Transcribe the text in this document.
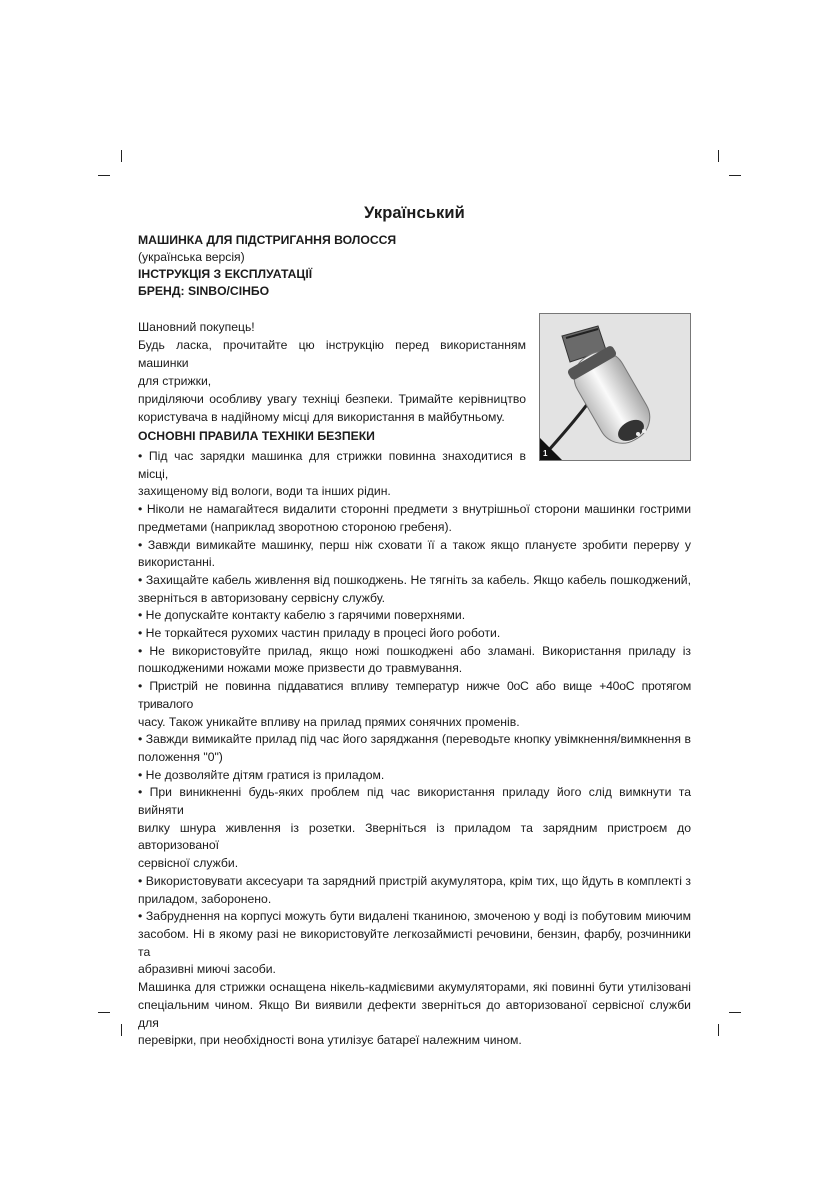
Український
МАШИНКА ДЛЯ ПІДСТРИГАННЯ ВОЛОССЯ
(українська версія)
ІНСТРУКЦІЯ З ЕКСПЛУАТАЦІЇ
БРЕНД: SINBO/СІНБО
Шановний покупець!
Будь ласка, прочитайте цю інструкцію перед використанням машинки
для стрижки,
приділяючи особливу увагу техніці безпеки. Тримайте керівництво
користувача в надійному місці для використання в майбутньому.
1
ОСНОВНІ ПРАВИЛА ТЕХНІКИ БЕЗПЕКИ
• Під час зарядки машинка для стрижки повинна знаходитися в місці,
захищеному від вологи, води та інших рідин.
• Ніколи не намагайтеся видалити сторонні предмети з внутрішньої сторони машинки гострими
предметами (наприклад зворотною стороною гребеня).
• Завжди вимикайте машинку, перш ніж сховати її а також якщо плануєте зробити перерву у
використанні.
• Захищайте кабель живлення від пошкоджень. Не тягніть за кабель. Якщо кабель пошкоджений,
зверніться в авторизовану сервісну службу.
• Не допускайте контакту кабелю з гарячими поверхнями.
• Не торкайтеся рухомих частин приладу в процесі його роботи.
• Не використовуйте прилад, якщо ножі пошкоджені або зламані. Використання приладу із
пошкодженими ножами може призвести до травмування.
• Пристрій не повинна піддаватися впливу температур нижче 0оС або вище +40оС протягом тривалого
часу. Також уникайте впливу на прилад прямих сонячних променів.
• Завжди вимикайте прилад під час його заряджання (переводьте кнопку увімкнення/вимкнення в
положення "0")
• Не дозволяйте дітям гратися із приладом.
• При виникненні будь-яких проблем під час використання приладу його слід вимкнути та вийняти
вилку шнура живлення із розетки. Зверніться із приладом та зарядним пристроєм до авторизованої
сервісної служби.
• Використовувати аксесуари та зарядний пристрій акумулятора, крім тих, що йдуть в комплекті з
приладом, заборонено.
• Забруднення на корпусі можуть бути видалені тканиною, змоченою у воді із побутовим миючим
засобом. Ні в якому разі не використовуйте легкозаймисті речовини, бензин, фарбу, розчинники та
абразивні миючі засоби.
Машинка для стрижки оснащена нікель-кадмієвими акумуляторами, які повинні бути утилізовані
спеціальним чином. Якщо Ви виявили дефекти зверніться до авторизованої сервісної служби для
перевірки, при необхідності вона утилізує батареї належним чином.
